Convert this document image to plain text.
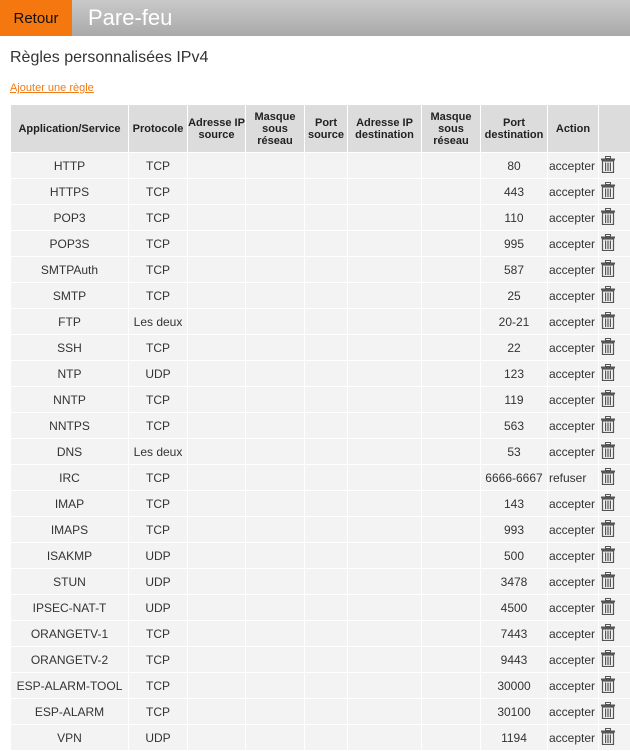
Retour	Pare-feu
Règles personnalisées IPv4
Ajouter une règle
Application/Service	Protocole	Adresse IP source	Masque sous réseau	Port source	Adresse IP destination	Masque sous réseau	Port destination	Action	
HTTP	TCP						80	accepter	
HTTPS	TCP						443	accepter	
POP3	TCP						110	accepter	
POP3S	TCP						995	accepter	
SMTPAuth	TCP						587	accepter	
SMTP	TCP						25	accepter	
FTP	Les deux						20-21	accepter	
SSH	TCP						22	accepter	
NTP	UDP						123	accepter	
NNTP	TCP						119	accepter	
NNTPS	TCP						563	accepter	
DNS	Les deux						53	accepter	
IRC	TCP						6666-6667	refuser	
IMAP	TCP						143	accepter	
IMAPS	TCP						993	accepter	
ISAKMP	UDP						500	accepter	
STUN	UDP						3478	accepter	
IPSEC-NAT-T	UDP						4500	accepter	
ORANGETV-1	TCP						7443	accepter	
ORANGETV-2	TCP						9443	accepter	
ESP-ALARM-TOOL	TCP						30000	accepter	
ESP-ALARM	TCP						30100	accepter	
VPN	UDP						1194	accepter	
